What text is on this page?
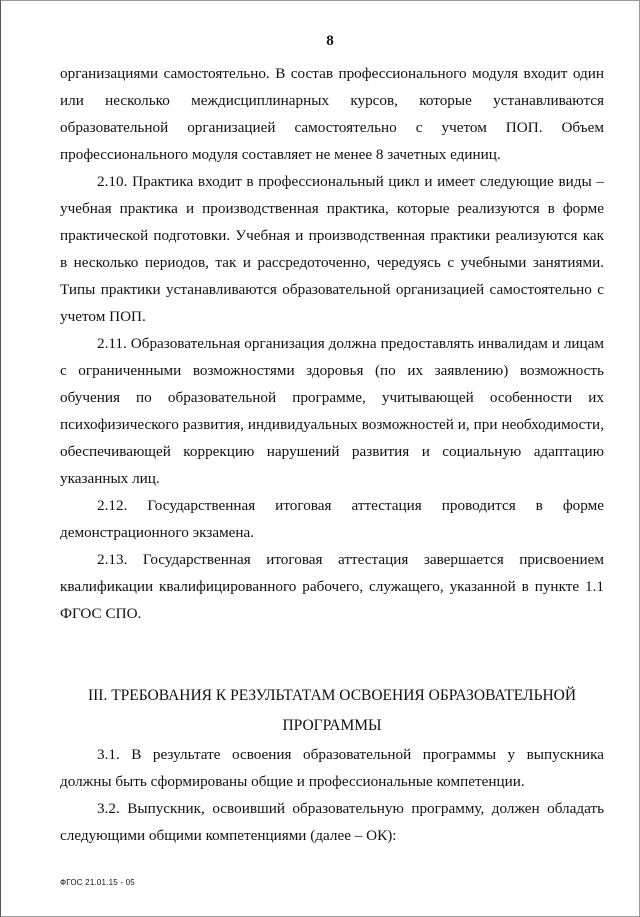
8

организациями самостоятельно. В состав профессионального модуля входит один или несколько междисциплинарных курсов, которые устанавливаются образовательной организацией самостоятельно с учетом ПОП. Объем профессионального модуля составляет не менее 8 зачетных единиц.

2.10. Практика входит в профессиональный цикл и имеет следующие виды – учебная практика и производственная практика, которые реализуются в форме практической подготовки. Учебная и производственная практики реализуются как в несколько периодов, так и рассредоточенно, чередуясь с учебными занятиями. Типы практики устанавливаются образовательной организацией самостоятельно с учетом ПОП.

2.11. Образовательная организация должна предоставлять инвалидам и лицам с ограниченными возможностями здоровья (по их заявлению) возможность обучения по образовательной программе, учитывающей особенности их психофизического развития, индивидуальных возможностей и, при необходимости, обеспечивающей коррекцию нарушений развития и социальную адаптацию указанных лиц.

2.12. Государственная итоговая аттестация проводится в форме демонстрационного экзамена.

2.13. Государственная итоговая аттестация завершается присвоением квалификации квалифицированного рабочего, служащего, указанной в пункте 1.1 ФГОС СПО.

III. ТРЕБОВАНИЯ К РЕЗУЛЬТАТАМ ОСВОЕНИЯ ОБРАЗОВАТЕЛЬНОЙ ПРОГРАММЫ

3.1. В результате освоения образовательной программы у выпускника должны быть сформированы общие и профессиональные компетенции.

3.2. Выпускник, освоивший образовательную программу, должен обладать следующими общими компетенциями (далее – ОК):

ФГОС 21.01.15 - 05
